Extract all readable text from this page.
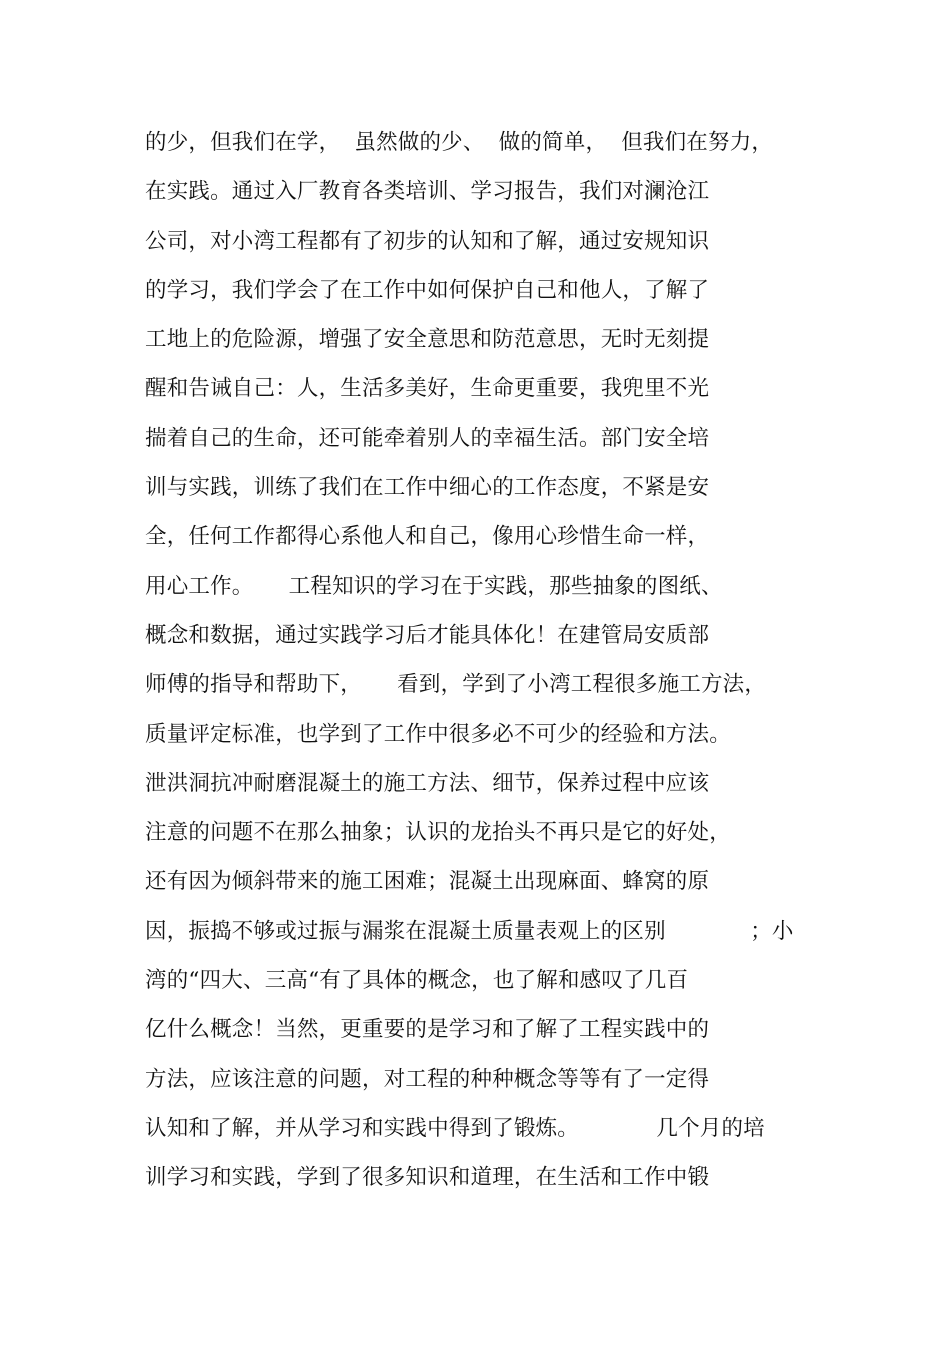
的少，但我们在学，  虽然做的少、  做的简单，  但我们在努力，
在实践。通过入厂教育各类培训、学习报告，我们对澜沧江
公司，对小湾工程都有了初步的认知和了解，通过安规知识
的学习，我们学会了在工作中如何保护自己和他人，了解了
工地上的危险源，增强了安全意思和防范意思，无时无刻提
醒和告诫自己：人，生活多美好，生命更重要，我兜里不光
揣着自己的生命，还可能牵着别人的幸福生活。部门安全培
训与实践，训练了我们在工作中细心的工作态度，不紧是安
全，任何工作都得心系他人和自己，像用心珍惜生命一样，
用心工作。     工程知识的学习在于实践，那些抽象的图纸、
概念和数据，通过实践学习后才能具体化！在建管局安质部
师傅的指导和帮助下，     看到，学到了小湾工程很多施工方法，
质量评定标准，也学到了工作中很多必不可少的经验和方法。
泄洪洞抗冲耐磨混凝土的施工方法、细节，保养过程中应该
注意的问题不在那么抽象；认识的龙抬头不再只是它的好处，
还有因为倾斜带来的施工困难；混凝土出现麻面、蜂窝的原
因，振捣不够或过振与漏浆在混凝土质量表观上的区别            ；小
湾的“四大、三高“有了具体的概念，也了解和感叹了几百
亿什么概念！当然，更重要的是学习和了解了工程实践中的
方法，应该注意的问题，对工程的种种概念等等有了一定得
认知和了解，并从学习和实践中得到了锻炼。           几个月的培
训学习和实践，学到了很多知识和道理，在生活和工作中锻
